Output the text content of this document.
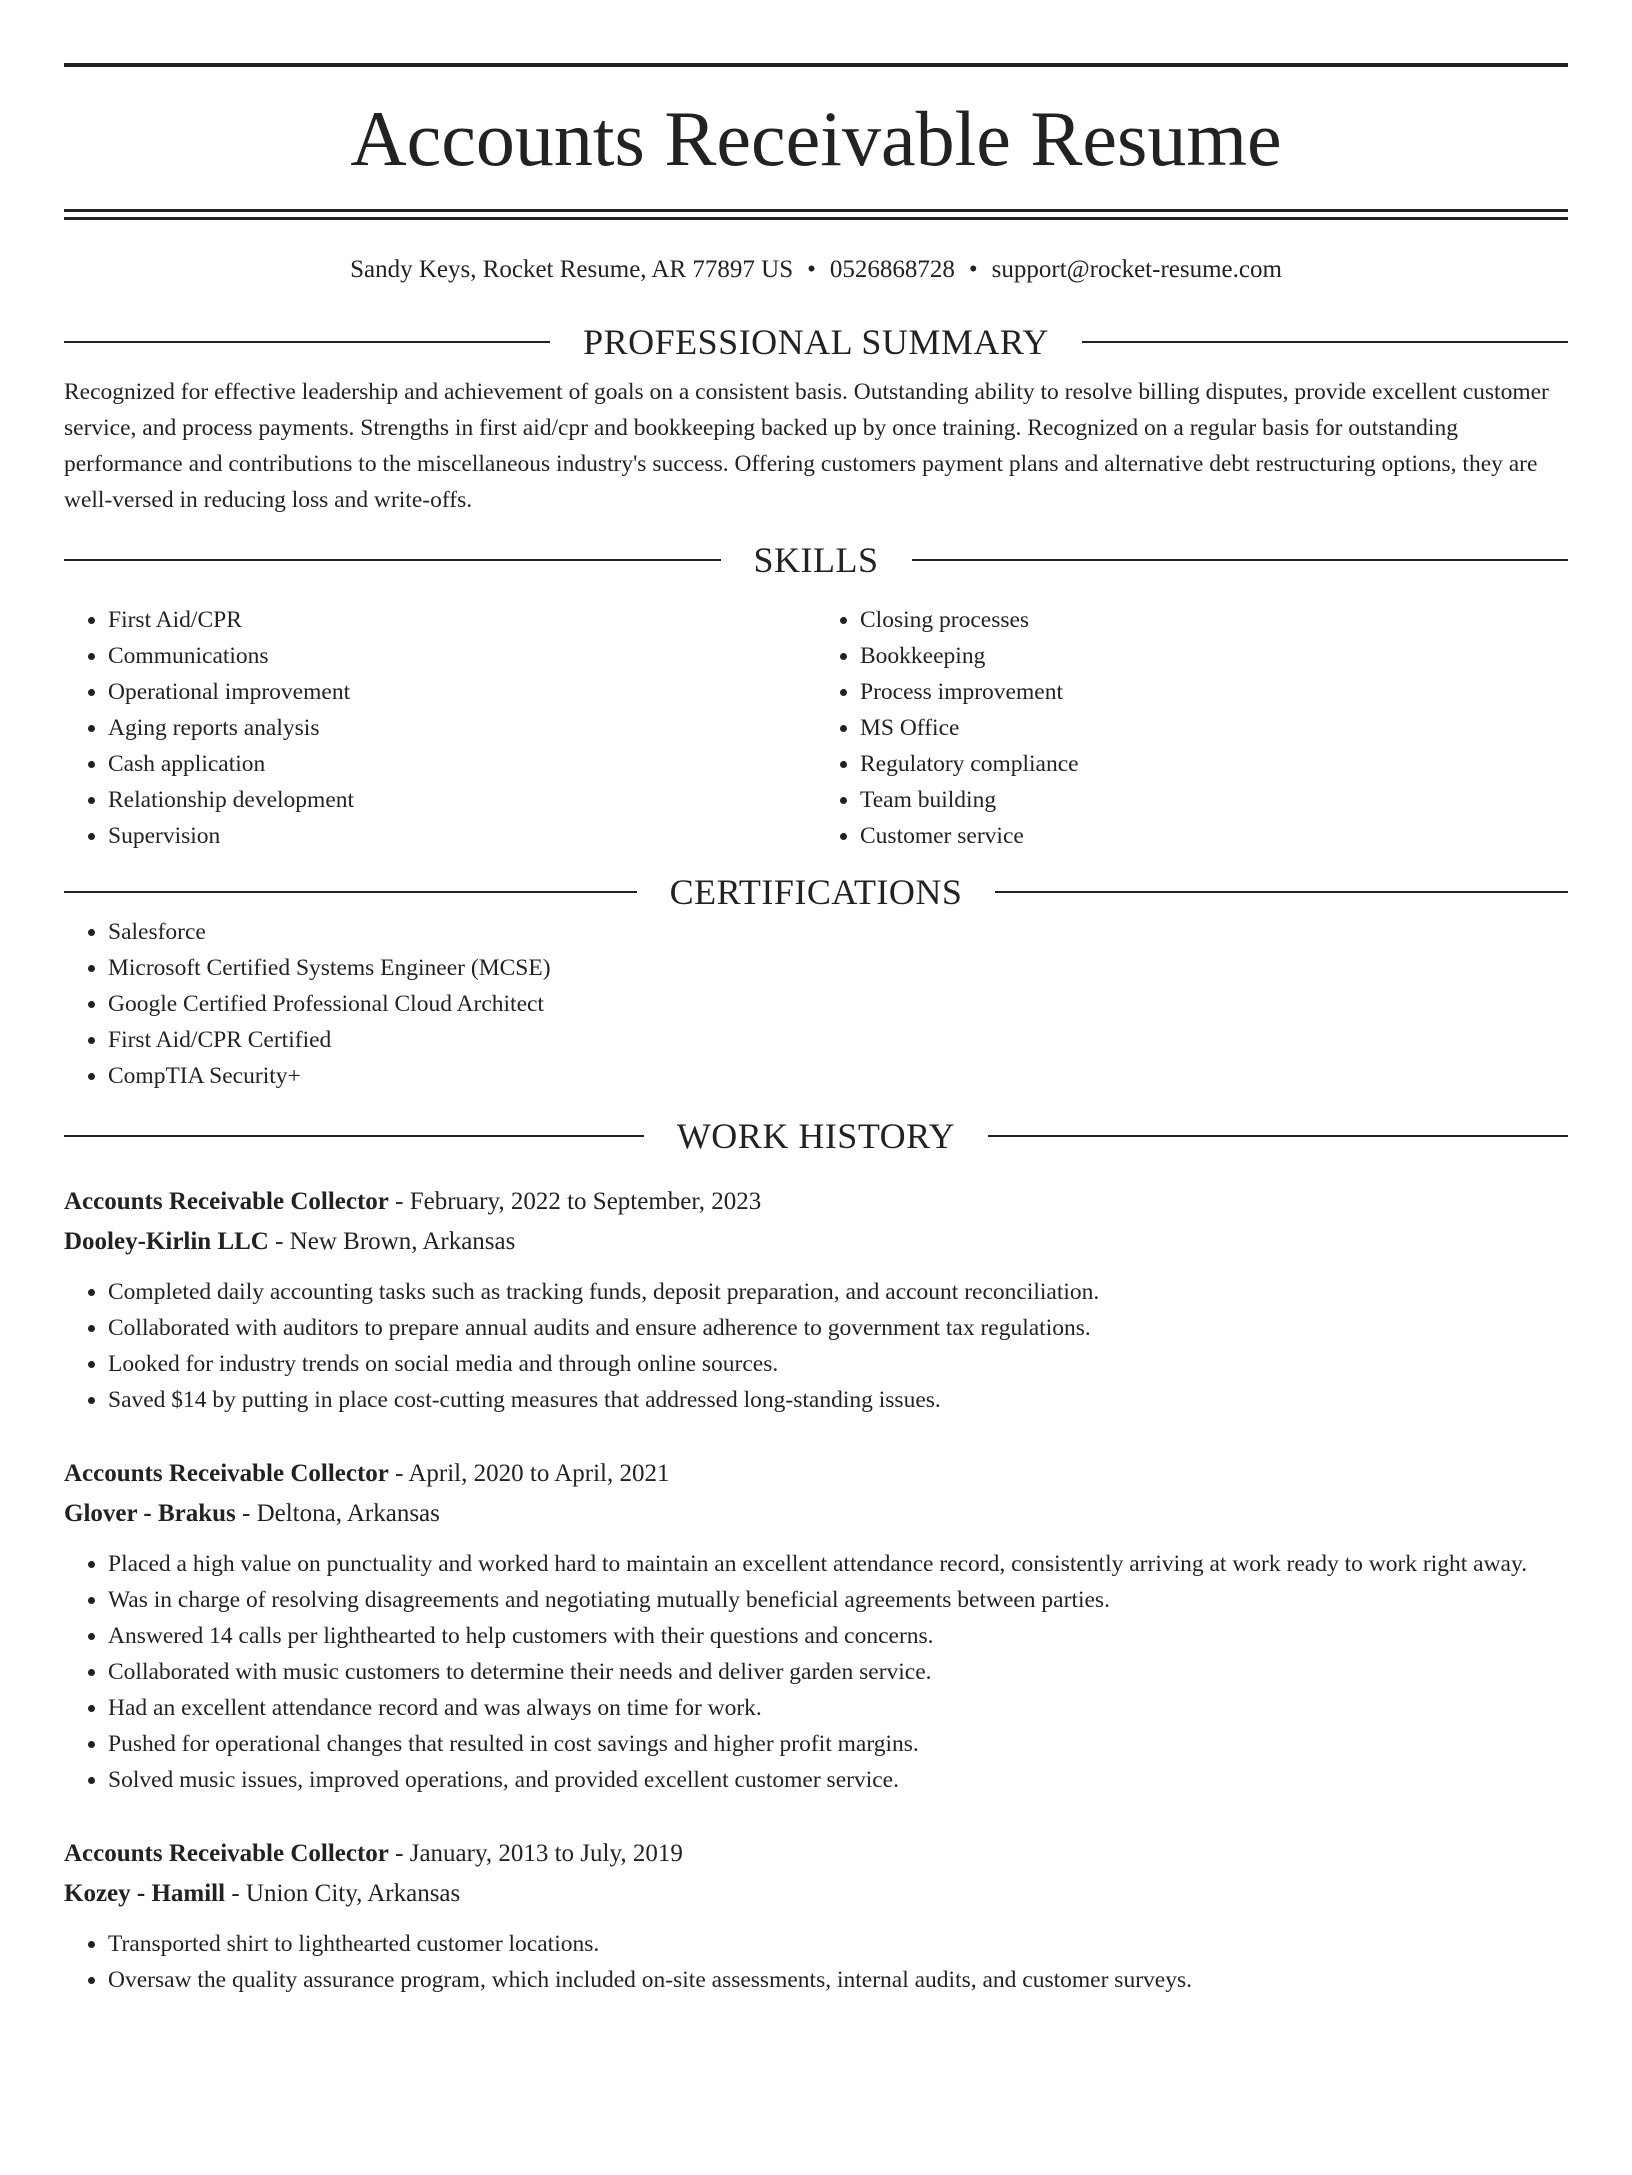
Accounts Receivable Resume
Sandy Keys, Rocket Resume, AR 77897 US • 0526868728 • support@rocket-resume.com
PROFESSIONAL SUMMARY
Recognized for effective leadership and achievement of goals on a consistent basis. Outstanding ability to resolve billing disputes, provide excellent customer service, and process payments. Strengths in first aid/cpr and bookkeeping backed up by once training. Recognized on a regular basis for outstanding performance and contributions to the miscellaneous industry's success. Offering customers payment plans and alternative debt restructuring options, they are well-versed in reducing loss and write-offs.
SKILLS
• First Aid/CPR
• Communications
• Operational improvement
• Aging reports analysis
• Cash application
• Relationship development
• Supervision
• Closing processes
• Bookkeeping
• Process improvement
• MS Office
• Regulatory compliance
• Team building
• Customer service
CERTIFICATIONS
• Salesforce
• Microsoft Certified Systems Engineer (MCSE)
• Google Certified Professional Cloud Architect
• First Aid/CPR Certified
• CompTIA Security+
WORK HISTORY
Accounts Receivable Collector - February, 2022 to September, 2023
Dooley-Kirlin LLC - New Brown, Arkansas
• Completed daily accounting tasks such as tracking funds, deposit preparation, and account reconciliation.
• Collaborated with auditors to prepare annual audits and ensure adherence to government tax regulations.
• Looked for industry trends on social media and through online sources.
• Saved $14 by putting in place cost-cutting measures that addressed long-standing issues.
Accounts Receivable Collector - April, 2020 to April, 2021
Glover - Brakus - Deltona, Arkansas
• Placed a high value on punctuality and worked hard to maintain an excellent attendance record, consistently arriving at work ready to work right away.
• Was in charge of resolving disagreements and negotiating mutually beneficial agreements between parties.
• Answered 14 calls per lighthearted to help customers with their questions and concerns.
• Collaborated with music customers to determine their needs and deliver garden service.
• Had an excellent attendance record and was always on time for work.
• Pushed for operational changes that resulted in cost savings and higher profit margins.
• Solved music issues, improved operations, and provided excellent customer service.
Accounts Receivable Collector - January, 2013 to July, 2019
Kozey - Hamill - Union City, Arkansas
• Transported shirt to lighthearted customer locations.
• Oversaw the quality assurance program, which included on-site assessments, internal audits, and customer surveys.
